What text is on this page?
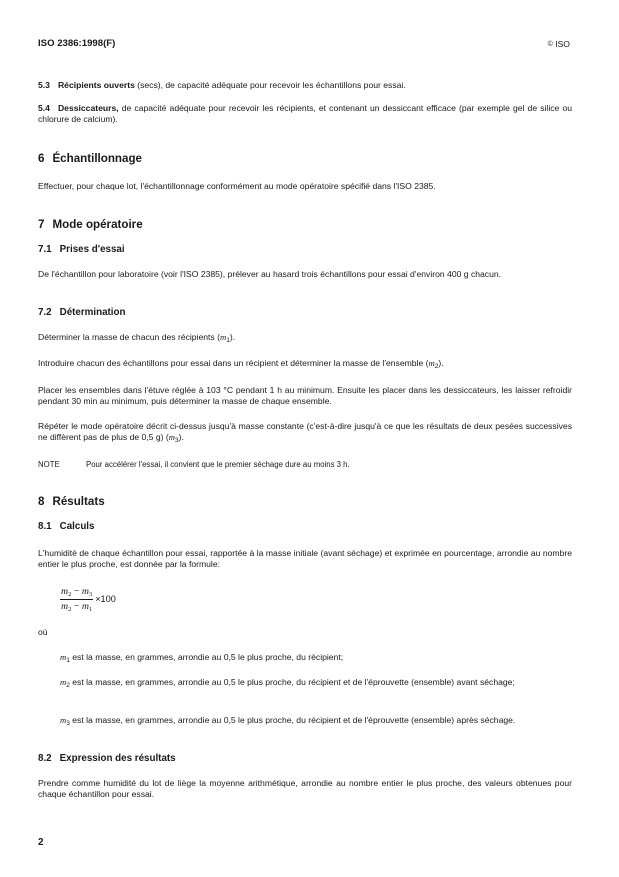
ISO 2386:1998(F)	© ISO
5.3 Récipients ouverts (secs), de capacité adéquate pour recevoir les échantillons pour essai.
5.4 Dessiccateurs, de capacité adéquate pour recevoir les récipients, et contenant un dessiccant efficace (par exemple gel de silice ou chlorure de calcium).
6 Échantillonnage
Effectuer, pour chaque lot, l'échantillonnage conformément au mode opératoire spécifié dans l'ISO 2385.
7 Mode opératoire
7.1 Prises d'essai
De l'échantillon pour laboratoire (voir l'ISO 2385), prélever au hasard trois échantillons pour essai d'environ 400 g chacun.
7.2 Détermination
Déterminer la masse de chacun des récipients $(m_1)$.
Introduire chacun des échantillons pour essai dans un récipient et déterminer la masse de l'ensemble $(m_2)$.
Placer les ensembles dans l'étuve réglée à 103 °C pendant 1 h au minimum. Ensuite les placer dans les dessiccateurs, les laisser refroidir pendant 30 min au minimum, puis déterminer la masse de chaque ensemble.
Répéter le mode opératoire décrit ci-dessus jusqu'à masse constante (c'est-à-dire jusqu'à ce que les résultats de deux pesées successives ne diffèrent pas de plus de 0,5 g) $(m_3)$.
NOTE	Pour accélérer l'essai, il convient que le premier séchage dure au moins 3 h.
8 Résultats
8.1 Calculs
L'humidité de chaque échantillon pour essai, rapportée à la masse initiale (avant séchage) et exprimée en pourcentage, arrondie au nombre entier le plus proche, est donnée par la formule:
$\frac{m_2 - m_3}{m_2 - m_1} \times 100$
où
$m_1$ est la masse, en grammes, arrondie au 0,5 le plus proche, du récipient;
$m_2$ est la masse, en grammes, arrondie au 0,5 le plus proche, du récipient et de l'éprouvette (ensemble) avant séchage;
$m_3$ est la masse, en grammes, arrondie au 0,5 le plus proche, du récipient et de l'éprouvette (ensemble) après séchage.
8.2 Expression des résultats
Prendre comme humidité du lot de liège la moyenne arithmétique, arrondie au nombre entier le plus proche, des valeurs obtenues pour chaque échantillon pour essai.
2
